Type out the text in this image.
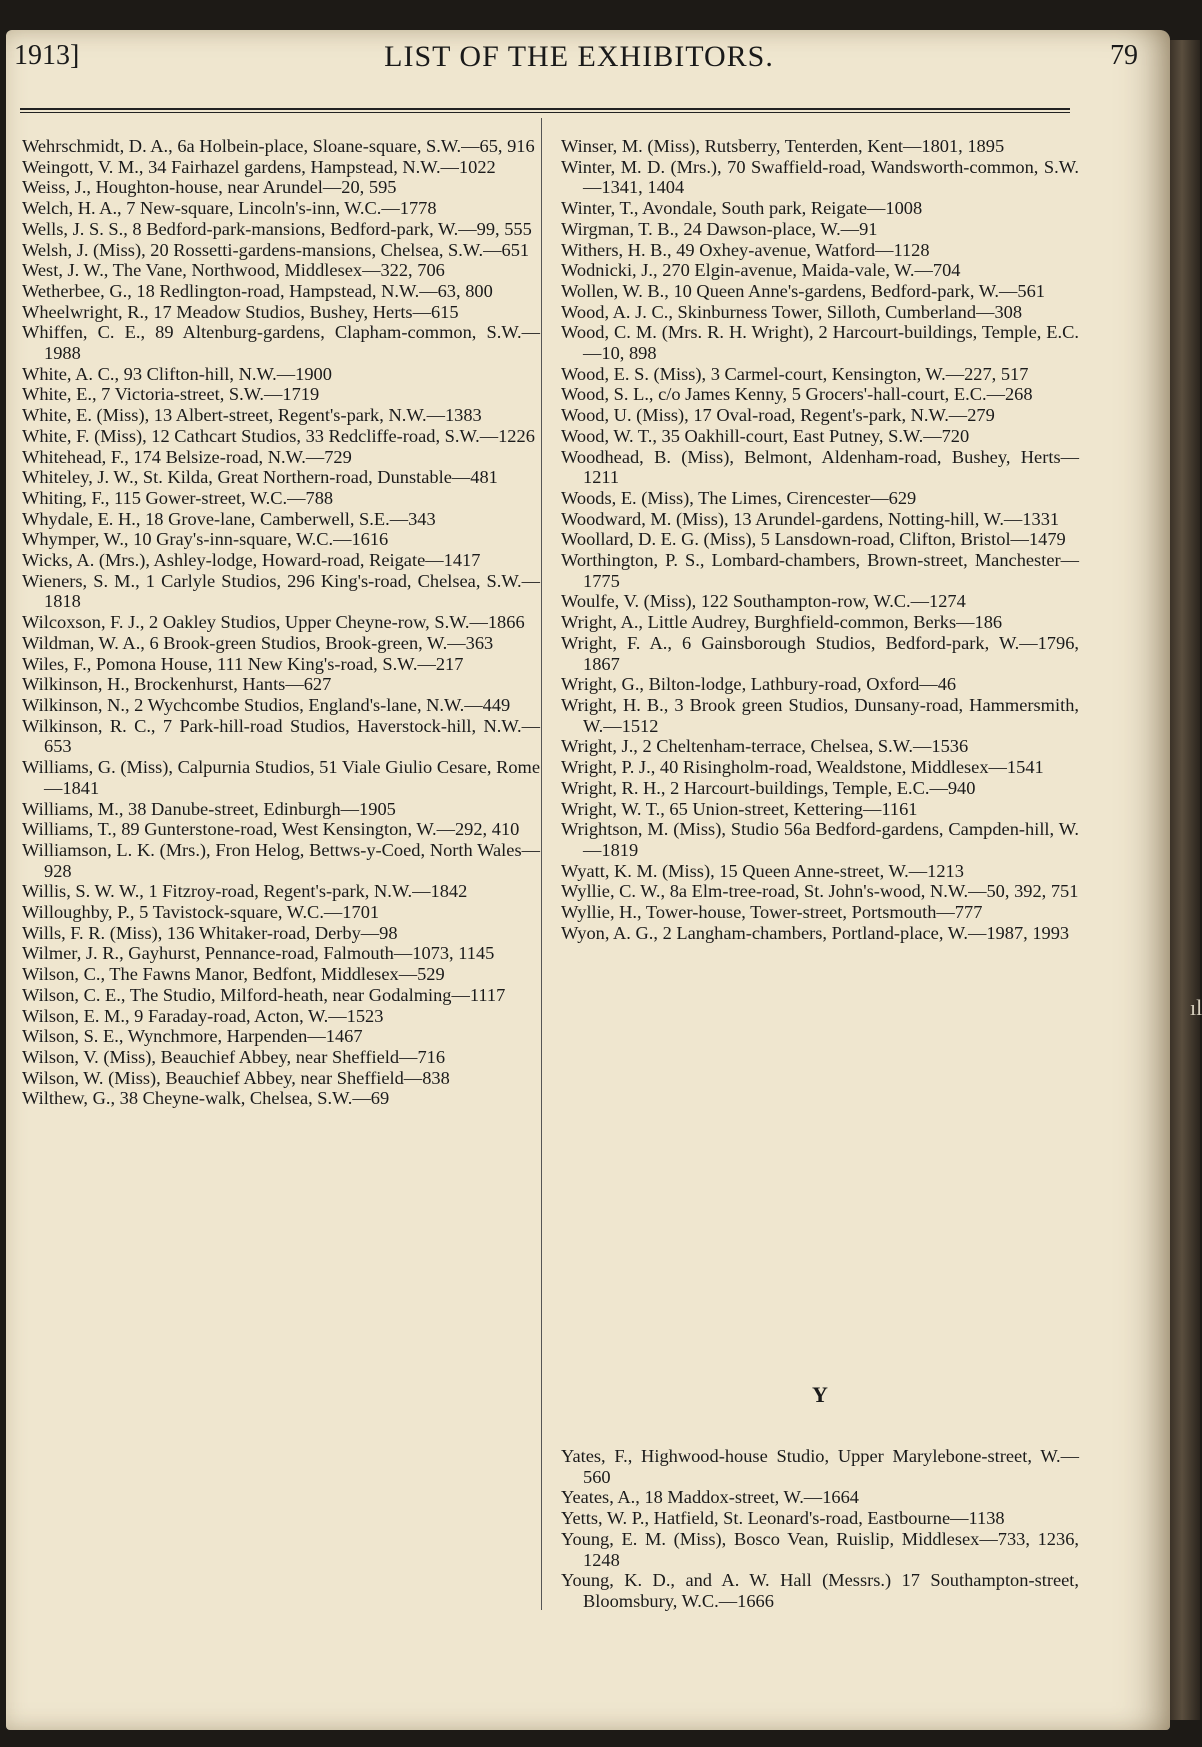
ıl
1913]	LIST OF THE EXHIBITORS.	79

Wehrschmidt, D. A., 6a Holbein-place, Sloane-square, S.W.—65, 916

Weingott, V. M., 34 Fairhazel gardens, Hampstead, N.W.—1022

Weiss, J., Houghton-house, near Arundel—20, 595

Welch, H. A., 7 New-square, Lincoln's-inn, W.C.—1778

Wells, J. S. S., 8 Bedford-park-mansions, Bedford-park, W.—99, 555

Welsh, J. (Miss), 20 Rossetti-gardens-mansions, Chelsea, S.W.—651

West, J. W., The Vane, Northwood, Middlesex—322, 706

Wetherbee, G., 18 Redlington-road, Hampstead, N.W.—63, 800

Wheelwright, R., 17 Meadow Studios, Bushey, Herts—615

Whiffen, C. E., 89 Altenburg-gardens, Clapham-common, S.W.—1988

White, A. C., 93 Clifton-hill, N.W.—1900

White, E., 7 Victoria-street, S.W.—1719

White, E. (Miss), 13 Albert-street, Regent's-park, N.W.—1383

White, F. (Miss), 12 Cathcart Studios, 33 Redcliffe-road, S.W.—1226

Whitehead, F., 174 Belsize-road, N.W.—729

Whiteley, J. W., St. Kilda, Great Northern-road, Dunstable—481

Whiting, F., 115 Gower-street, W.C.—788

Whydale, E. H., 18 Grove-lane, Camberwell, S.E.—343

Whymper, W., 10 Gray's-inn-square, W.C.—1616

Wicks, A. (Mrs.), Ashley-lodge, Howard-road, Reigate—1417

Wieners, S. M., 1 Carlyle Studios, 296 King's-road, Chelsea, S.W.—1818

Wilcoxson, F. J., 2 Oakley Studios, Upper Cheyne-row, S.W.—1866

Wildman, W. A., 6 Brook-green Studios, Brook-green, W.—363

Wiles, F., Pomona House, 111 New King's-road, S.W.—217

Wilkinson, H., Brockenhurst, Hants—627

Wilkinson, N., 2 Wychcombe Studios, England's-lane, N.W.—449

Wilkinson, R. C., 7 Park-hill-road Studios, Haverstock-hill, N.W.—653

Williams, G. (Miss), Calpurnia Studios, 51 Viale Giulio Cesare, Rome—1841

Williams, M., 38 Danube-street, Edinburgh—1905

Williams, T., 89 Gunterstone-road, West Kensington, W.—292, 410

Williamson, L. K. (Mrs.), Fron Helog, Bettws-y-Coed, North Wales—928

Willis, S. W. W., 1 Fitzroy-road, Regent's-park, N.W.—1842

Willoughby, P., 5 Tavistock-square, W.C.—1701

Wills, F. R. (Miss), 136 Whitaker-road, Derby—98

Wilmer, J. R., Gayhurst, Pennance-road, Falmouth—1073, 1145

Wilson, C., The Fawns Manor, Bedfont, Middlesex—529

Wilson, C. E., The Studio, Milford-heath, near Godalming—1117

Wilson, E. M., 9 Faraday-road, Acton, W.—1523

Wilson, S. E., Wynchmore, Harpenden—1467

Wilson, V. (Miss), Beauchief Abbey, near Sheffield—716

Wilson, W. (Miss), Beauchief Abbey, near Sheffield—838

Wilthew, G., 38 Cheyne-walk, Chelsea, S.W.—69

Winser, M. (Miss), Rutsberry, Tenterden, Kent—1801, 1895

Winter, M. D. (Mrs.), 70 Swaffield-road, Wandsworth-common, S.W.—1341, 1404

Winter, T., Avondale, South park, Reigate—1008

Wirgman, T. B., 24 Dawson-place, W.—91

Withers, H. B., 49 Oxhey-avenue, Watford—1128

Wodnicki, J., 270 Elgin-avenue, Maida-vale, W.—704

Wollen, W. B., 10 Queen Anne's-gardens, Bedford-park, W.—561

Wood, A. J. C., Skinburness Tower, Silloth, Cumberland—308

Wood, C. M. (Mrs. R. H. Wright), 2 Harcourt-buildings, Temple, E.C.—10, 898

Wood, E. S. (Miss), 3 Carmel-court, Kensington, W.—227, 517

Wood, S. L., c/o James Kenny, 5 Grocers'-hall-court, E.C.—268

Wood, U. (Miss), 17 Oval-road, Regent's-park, N.W.—279

Wood, W. T., 35 Oakhill-court, East Putney, S.W.—720

Woodhead, B. (Miss), Belmont, Aldenham-road, Bushey, Herts—1211

Woods, E. (Miss), The Limes, Cirencester—629

Woodward, M. (Miss), 13 Arundel-gardens, Notting-hill, W.—1331

Woollard, D. E. G. (Miss), 5 Lansdown-road, Clifton, Bristol—1479

Worthington, P. S., Lombard-chambers, Brown-street, Manchester—1775

Woulfe, V. (Miss), 122 Southampton-row, W.C.—1274

Wright, A., Little Audrey, Burghfield-common, Berks—186

Wright, F. A., 6 Gainsborough Studios, Bedford-park, W.—1796, 1867

Wright, G., Bilton-lodge, Lathbury-road, Oxford—46

Wright, H. B., 3 Brook green Studios, Dunsany-road, Hammersmith, W.—1512

Wright, J., 2 Cheltenham-terrace, Chelsea, S.W.—1536

Wright, P. J., 40 Risingholm-road, Wealdstone, Middlesex—1541

Wright, R. H., 2 Harcourt-buildings, Temple, E.C.—940

Wright, W. T., 65 Union-street, Kettering—1161

Wrightson, M. (Miss), Studio 56a Bedford-gardens, Campden-hill, W.—1819

Wyatt, K. M. (Miss), 15 Queen Anne-street, W.—1213

Wyllie, C. W., 8a Elm-tree-road, St. John's-wood, N.W.—50, 392, 751

Wyllie, H., Tower-house, Tower-street, Portsmouth—777

Wyon, A. G., 2 Langham-chambers, Portland-place, W.—1987, 1993

Y

Yates, F., Highwood-house Studio, Upper Marylebone-street, W.—560

Yeates, A., 18 Maddox-street, W.—1664

Yetts, W. P., Hatfield, St. Leonard's-road, Eastbourne—1138

Young, E. M. (Miss), Bosco Vean, Ruislip, Middlesex—733, 1236, 1248

Young, K. D., and A. W. Hall (Messrs.) 17 Southampton-street, Bloomsbury, W.C.—1666
